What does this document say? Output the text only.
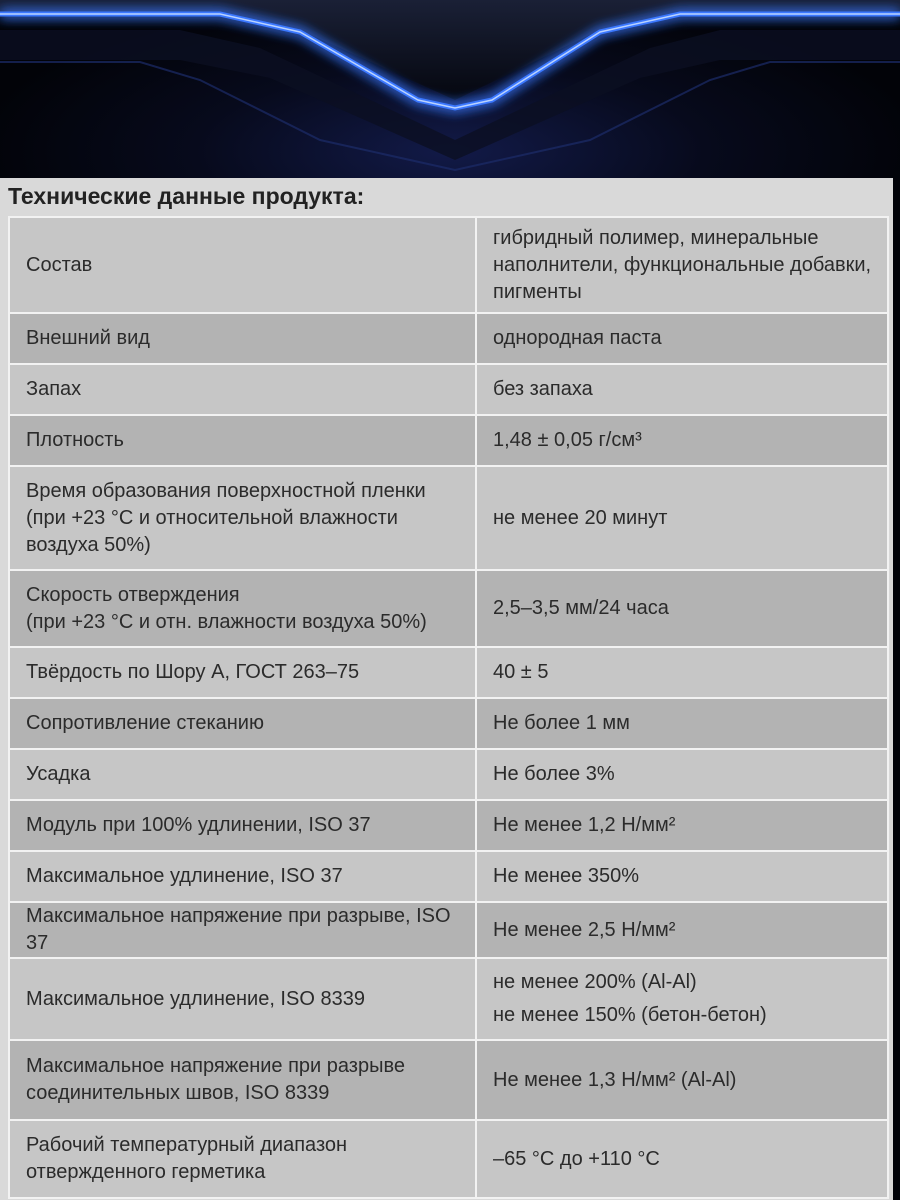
Технические данные продукта:
Состав	гибридный полимер, минеральные наполнители, функциональные добавки, пигменты
Внешний вид	однородная паста
Запах	без запаха
Плотность	1,48 ± 0,05 г/см³
Время образования поверхностной пленки (при +23 °С и относительной влажности воздуха 50%)	не менее 20 минут

Скорость отверждения
(при +23 °С и отн. влажности воздуха 50%)	2,5–3,5 мм/24 часа
Твёрдость по Шору А, ГОСТ 263–75	40 ± 5
Сопротивление стеканию	Не более 1 мм
Усадка	Не более 3%
Модуль при 100% удлинении, ISO 37	Не менее 1,2 Н/мм²
Максимальное удлинение, ISO 37	Не менее 350%
Максимальное напряжение при разрыве, ISO 37	Не менее 2,5 Н/мм²
Максимальное удлинение, ISO 8339	не менее 200% (Al-Al)
не менее 150% (бетон-бетон)

Максимальное напряжение при разрыве соединительных швов, ISO 8339	Не менее 1,3 Н/мм² (Al-Al)
Рабочий температурный диапазон отвержденного герметика	–65 °С до +110 °С
